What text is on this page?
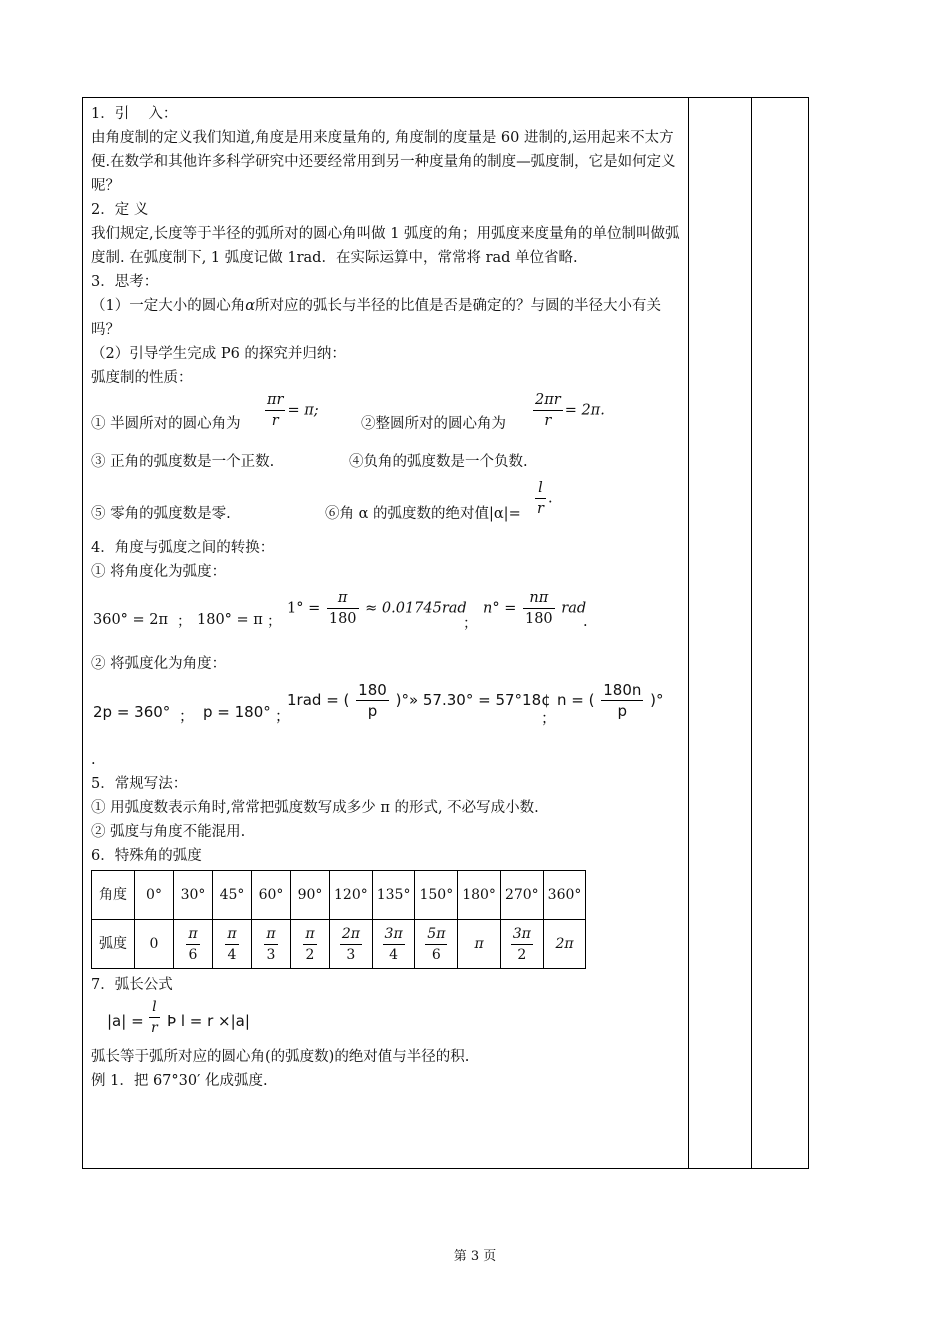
1．引　 入：

由角度制的定义我们知道,角度是用来度量角的, 角度制的度量是 60 进制的,运用起来不太方便.在数学和其他许多科学研究中还要经常用到另一种度量角的制度—弧度制，它是如何定义呢？

2．定 义

我们规定,长度等于半径的弧所对的圆心角叫做 1 弧度的角；用弧度来度量角的单位制叫做弧度制. 在弧度制下, 1 弧度记做 1rad．在实际运算中，常常将 rad 单位省略.

3．思考：

（1）一定大小的圆心角α所对应的弧长与半径的比值是否是确定的？与圆的半径大小有关吗？

（2）引导学生完成 P6 的探究并归纳：

弧度制的性质：

① 半圆所对的圆心角为 $\frac{\pi r}{r} = \pi$;
②整圆所对的圆心角为 $\frac{2\pi r}{r} = 2\pi$.
③ 正角的弧度数是一个正数.	④负角的弧度数是一个负数.
⑤ 零角的弧度数是零.	⑥角 α 的弧度数的绝对值$|\alpha|= \frac{l}{r}$ .

4．角度与弧度之间的转换：

① 将角度化为弧度：

360° = 2π ； 180° = π ；
$1^\circ = \frac{\pi}{180} \approx 0.01745rad$
；
$n^\circ = \frac{n\pi}{180}$ rad
.

② 将弧度化为角度：

2p = 360° ； p = 180° ；
1rad = ( $\frac{180}{p}$ )°» 57.30° = 57°18¢
；
n = ( $\frac{180n}{p}$ )°

.

5．常规写法：

① 用弧度数表示角时,常常把弧度数写成多少 π 的形式, 不必写成小数.

② 弧度与角度不能混用.

6．特殊角的弧度

角度	0°	30°	45°	60°	90°	120°	135°	150°	180°	270°	360°
弧度	0	$\frac{\pi}{6}$	$\frac{\pi}{4}$	$\frac{\pi}{3}$	$\frac{\pi}{2}$	$\frac{2\pi}{3}$	$\frac{3\pi}{4}$	$\frac{5\pi}{6}$	π	$\frac{3\pi}{2}$	2π

7．弧长公式

$|a| = \frac{l}{r}$ Þ l = r ×|a|

弧长等于弧所对应的圆心角(的弧度数)的绝对值与半径的积.

例 1．把 67°30′ 化成弧度.

第 3 页
